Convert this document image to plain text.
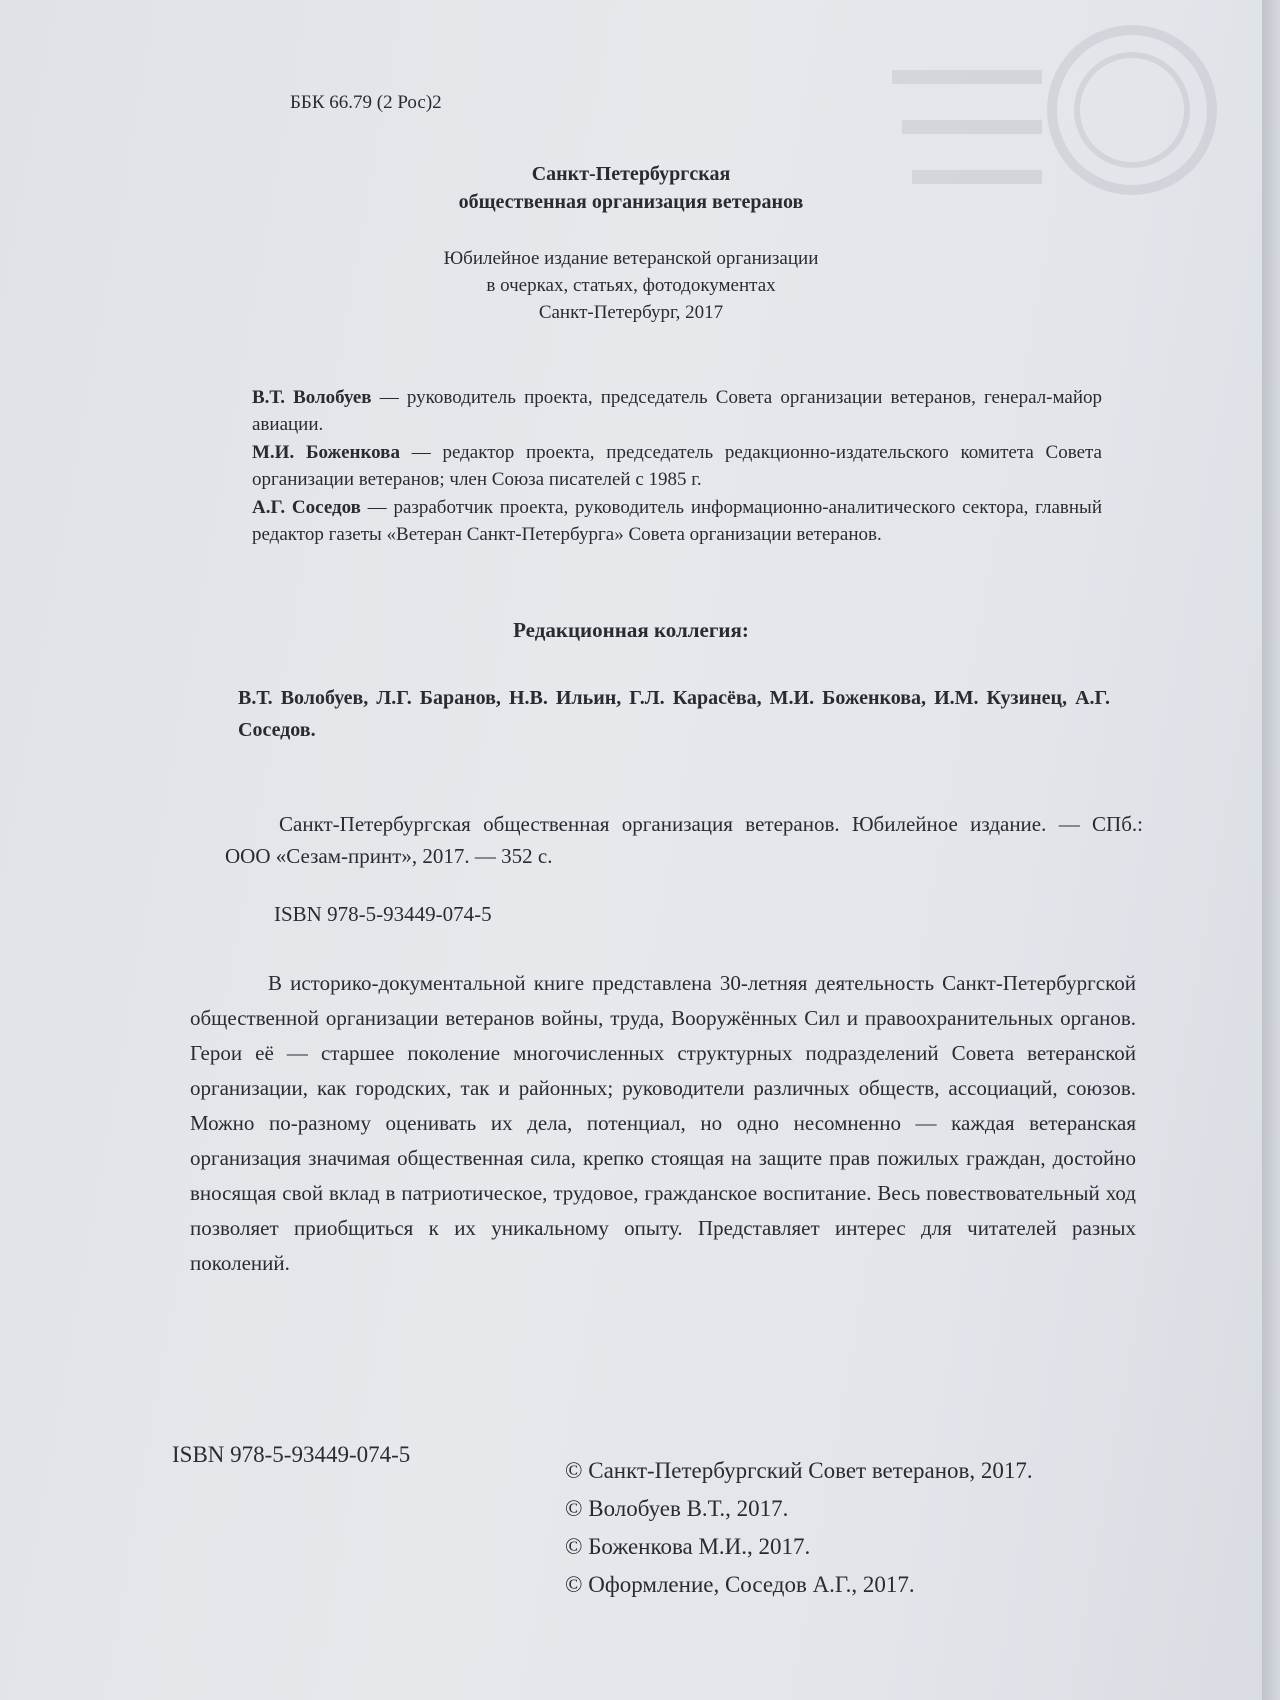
ББК 66.79 (2 Рос)2
Санкт-Петербургская
общественная организация ветеранов
Юбилейное издание ветеранской организации
в очерках, статьях, фотодокументах
Санкт-Петербург, 2017

В.Т. Волобуев — руководитель проекта, председатель Совета организации ветеранов, генерал-майор авиации.

М.И. Боженкова — редактор проекта, председатель редакционно-издательского комитета Совета организации ветеранов; член Союза писателей с 1985 г.

А.Г. Соседов — разработчик проекта, руководитель информационно-аналитического сектора, главный редактор газеты «Ветеран Санкт-Петербурга» Совета организации ветеранов.

Редакционная коллегия:
В.Т. Волобуев, Л.Г. Баранов, Н.В. Ильин, Г.Л. Карасёва, М.И. Боженкова, И.М. Кузинец, А.Г. Соседов.
Санкт-Петербургская общественная организация ветеранов. Юбилейное издание. — СПб.: ООО «Сезам-принт», 2017. — 352 с.
ISBN 978-5-93449-074-5
В историко-документальной книге представлена 30-летняя деятельность Санкт-Петербургской общественной организации ветеранов войны, труда, Вооружённых Сил и правоохранительных органов. Герои её — старшее поколение многочисленных структурных подразделений Совета ветеранской организации, как городских, так и районных; руководители различных обществ, ассоциаций, союзов. Можно по-разному оценивать их дела, потенциал, но одно несомненно — каждая ветеранская организация значимая общественная сила, крепко стоящая на защите прав пожилых граждан, достойно вносящая свой вклад в патриотическое, трудовое, гражданское воспитание. Весь повествовательный ход позволяет приобщиться к их уникальному опыту. Представляет интерес для читателей разных поколений.
ISBN 978-5-93449-074-5
© Санкт-Петербургский Совет ветеранов, 2017.
© Волобуев В.Т., 2017.
© Боженкова М.И., 2017.
© Оформление, Соседов А.Г., 2017.
